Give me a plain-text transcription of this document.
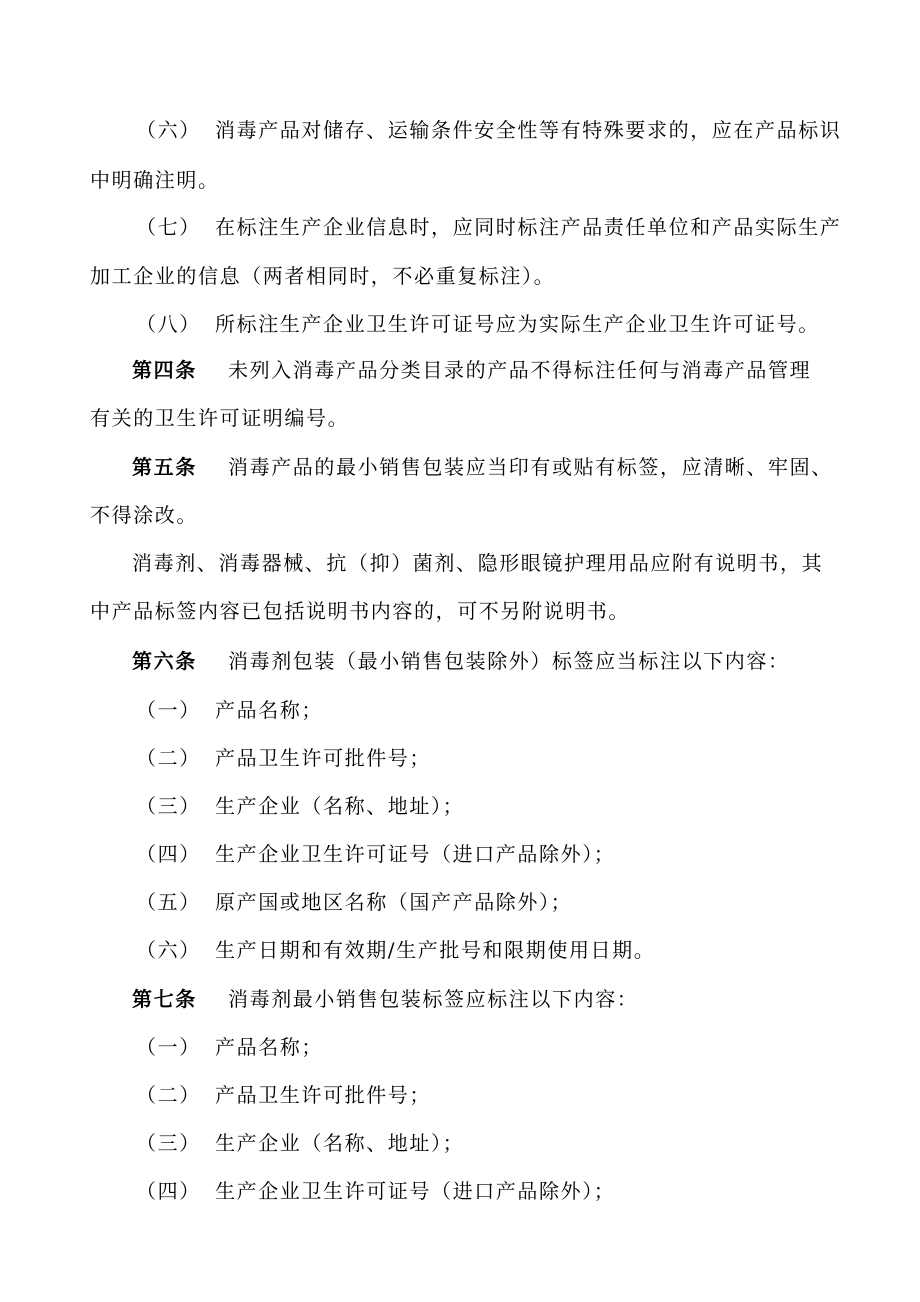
（六） 消毒产品对储存、运输条件安全性等有特殊要求的，应在产品标识
中明确注明。
（七） 在标注生产企业信息时，应同时标注产品责任单位和产品实际生产
加工企业的信息（两者相同时，不必重复标注）。
（八） 所标注生产企业卫生许可证号应为实际生产企业卫生许可证号。
第四条 未列入消毒产品分类目录的产品不得标注任何与消毒产品管理
有关的卫生许可证明编号。
第五条 消毒产品的最小销售包装应当印有或贴有标签，应清晰、牢固、
不得涂改。
消毒剂、消毒器械、抗（抑）菌剂、隐形眼镜护理用品应附有说明书，其
中产品标签内容已包括说明书内容的，可不另附说明书。
第六条 消毒剂包装（最小销售包装除外）标签应当标注以下内容：
（一） 产品名称；
（二） 产品卫生许可批件号；
（三） 生产企业（名称、地址）；
（四） 生产企业卫生许可证号（进口产品除外）；
（五） 原产国或地区名称（国产产品除外）；
（六） 生产日期和有效期/生产批号和限期使用日期。
第七条 消毒剂最小销售包装标签应标注以下内容：
（一） 产品名称；
（二） 产品卫生许可批件号；
（三） 生产企业（名称、地址）；
（四） 生产企业卫生许可证号（进口产品除外）；
